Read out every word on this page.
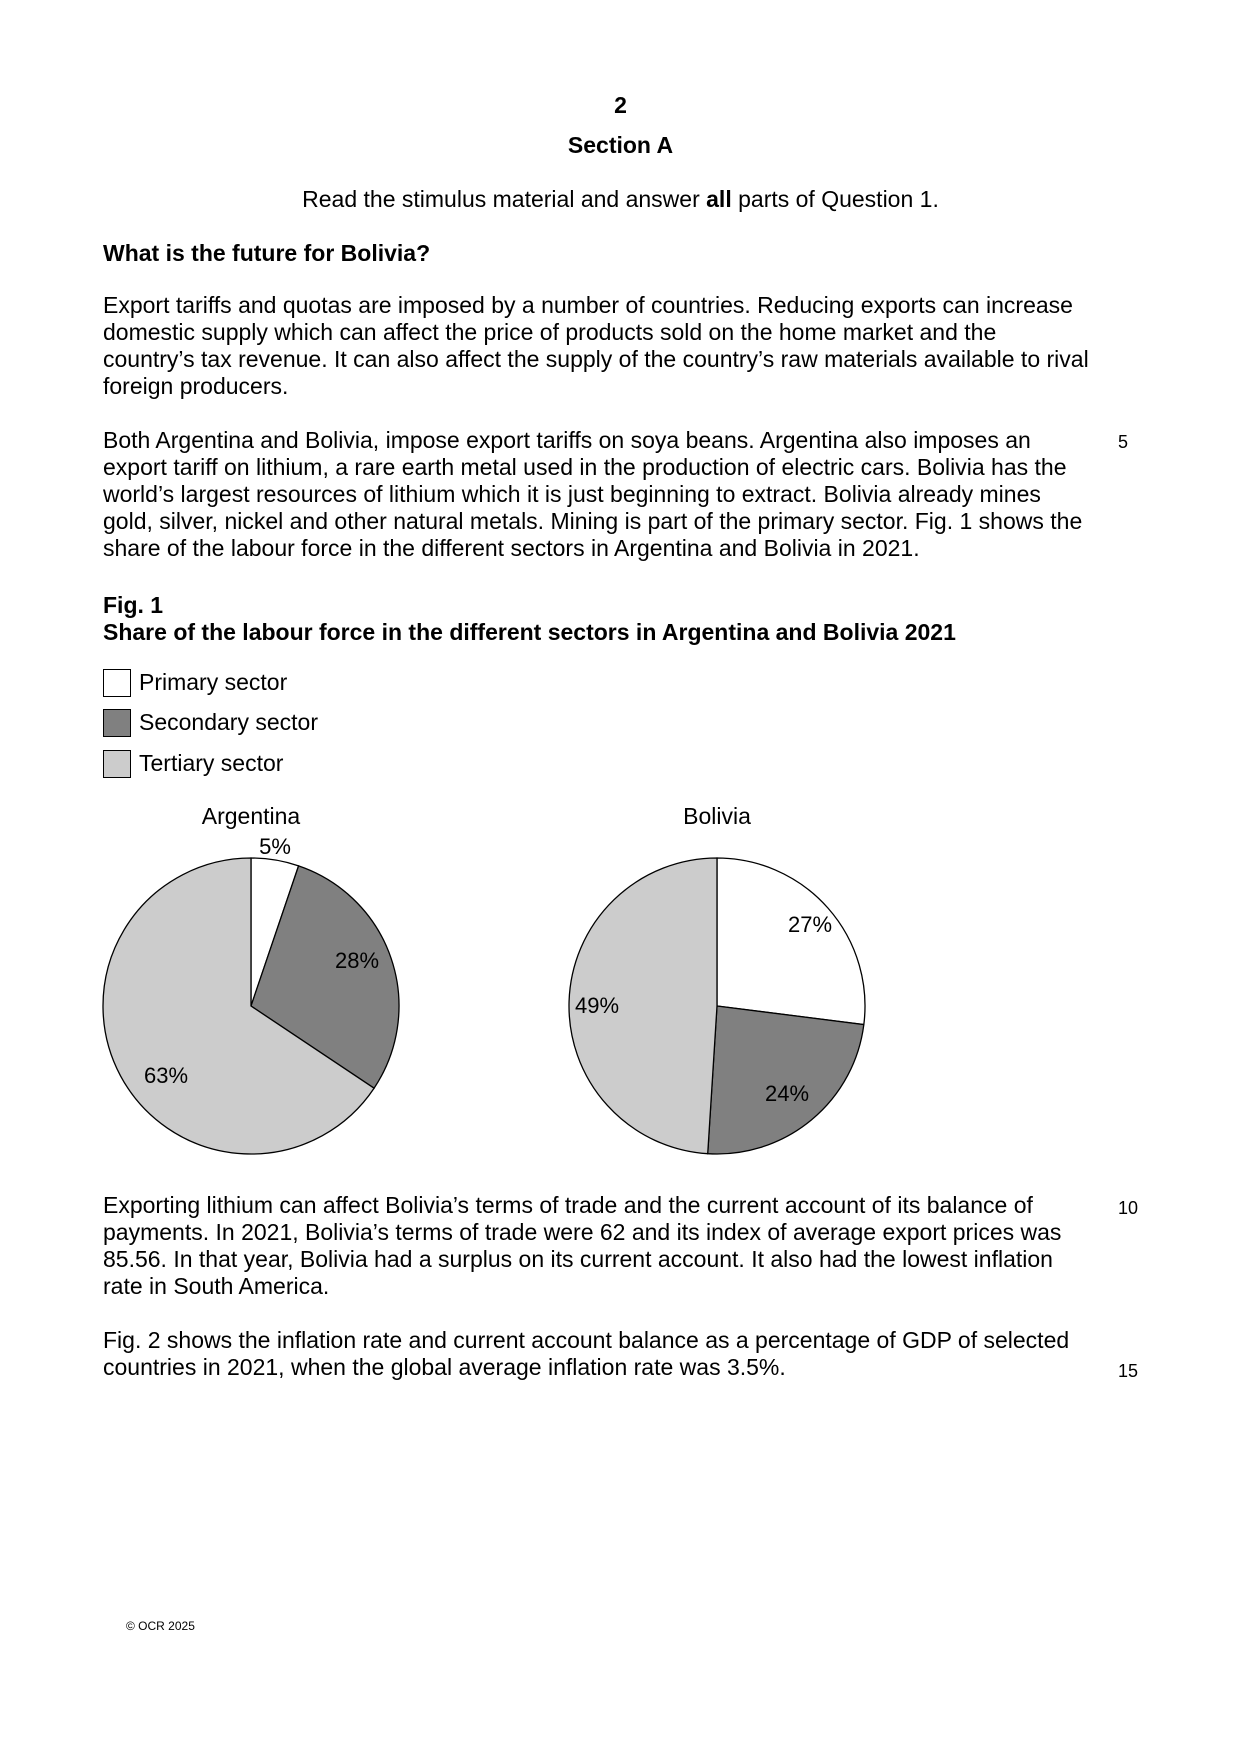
2
Section A
Read the stimulus material and answer all parts of Question 1.
What is the future for Bolivia?
Export tariffs and quotas are imposed by a number of countries. Reducing exports can increase
domestic supply which can affect the price of products sold on the home market and the
country’s tax revenue. It can also affect the supply of the country’s raw materials available to rival
foreign producers.
Both Argentina and Bolivia, impose export tariffs on soya beans. Argentina also imposes an
export tariff on lithium, a rare earth metal used in the production of electric cars. Bolivia has the
world’s largest resources of lithium which it is just beginning to extract. Bolivia already mines
gold, silver, nickel and other natural metals. Mining is part of the primary sector. Fig. 1 shows the
share of the labour force in the different sectors in Argentina and Bolivia in 2021.
5
Fig. 1
Share of the labour force in the different sectors in Argentina and Bolivia 2021
Primary sector
Secondary sector
Tertiary sector
Argentina	Bolivia
5%
28%
63%
27%
24%
49%
Exporting lithium can affect Bolivia’s terms of trade and the current account of its balance of
payments. In 2021, Bolivia’s terms of trade were 62 and its index of average export prices was
85.56. In that year, Bolivia had a surplus on its current account. It also had the lowest inflation
rate in South America.
10
Fig. 2 shows the inflation rate and current account balance as a percentage of GDP of selected
countries in 2021, when the global average inflation rate was 3.5%.	15
© OCR 2025
